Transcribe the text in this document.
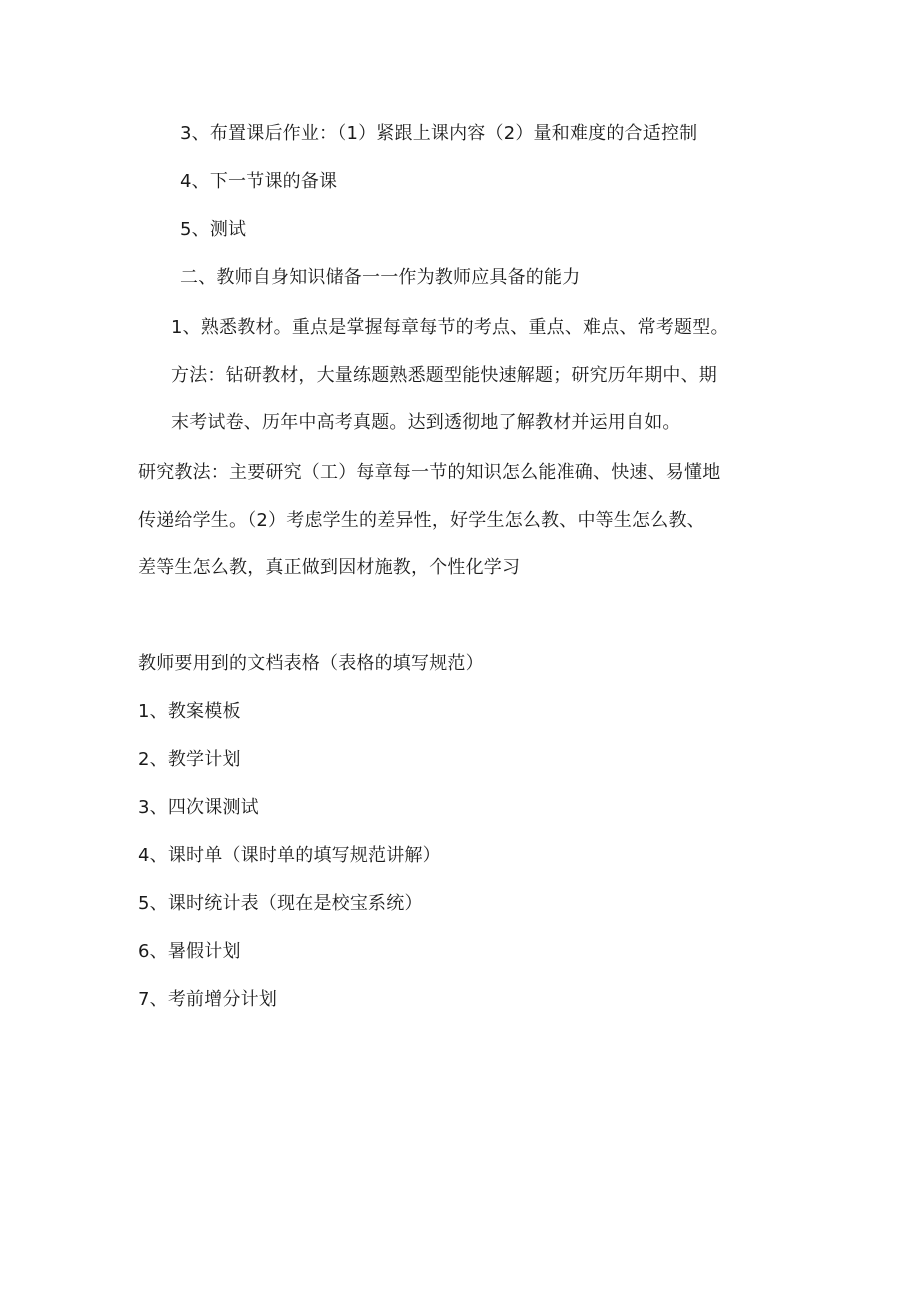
3、布置课后作业：（1）紧跟上课内容（2）量和难度的合适控制
4、下一节课的备课
5、测试
二、教师自身知识储备一一作为教师应具备的能力
1、熟悉教材。重点是掌握每章每节的考点、重点、难点、常考题型。
方法：钻研教材，大量练题熟悉题型能快速解题；研究历年期中、期
末考试卷、历年中高考真题。达到透彻地了解教材并运用自如。
研究教法：主要研究（工）每章每一节的知识怎么能准确、快速、易懂地
传递给学生。（2）考虑学生的差异性，好学生怎么教、中等生怎么教、
差等生怎么教，真正做到因材施教，个性化学习
教师要用到的文档表格（表格的填写规范）
1、教案模板
2、教学计划
3、四次课测试
4、课时单（课时单的填写规范讲解）
5、课时统计表（现在是校宝系统）
6、暑假计划
7、考前增分计划
